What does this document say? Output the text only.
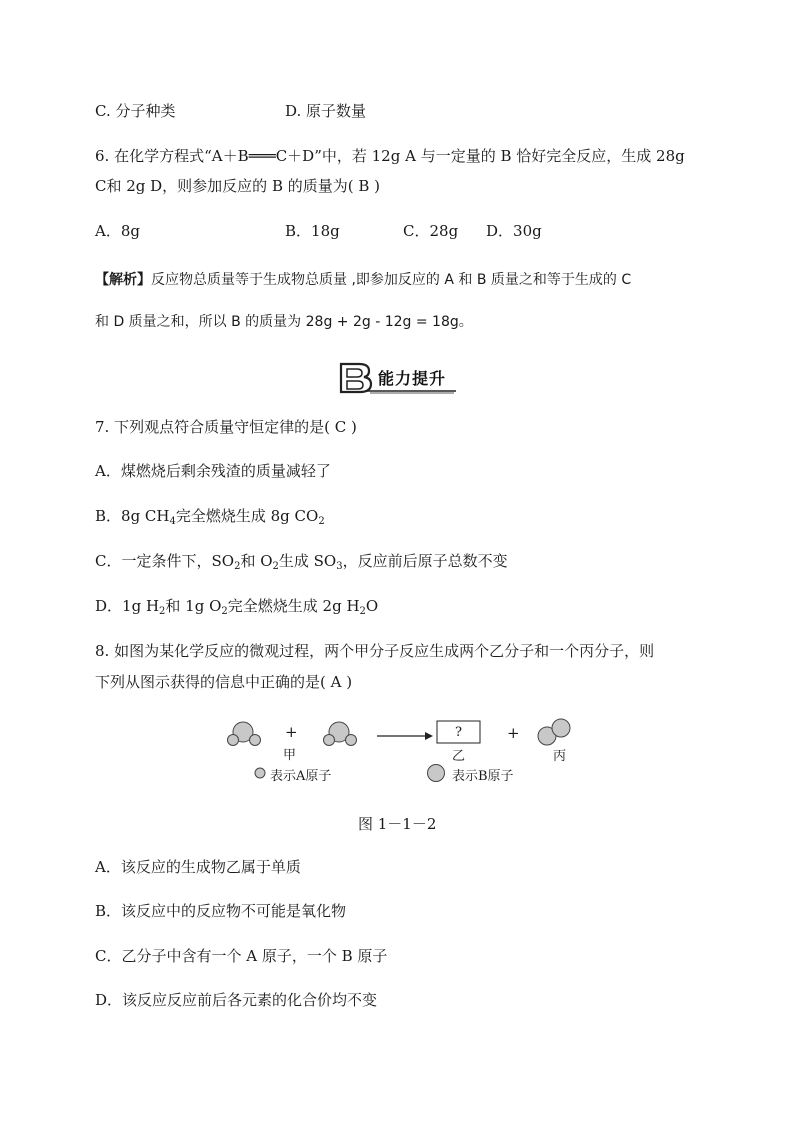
C. 分子种类	D. 原子数量
6. 在化学方程式“A＋B═══C＋D”中，若 12g A 与一定量的 B 恰好完全反应，生成 28g
C和 2g D，则参加反应的 B 的质量为( B )
A．8g	B．18g	C．28g D．30g
【解析】反应物总质量等于生成物总质量 ,即参加反应的 A 和 B 质量之和等于生成的 C
和 D 质量之和，所以 B 的质量为 28g + 2g - 12g = 18g。
能力提升
7. 下列观点符合质量守恒定律的是( C )
A．煤燃烧后剩余残渣的质量减轻了
B．8g $CH_4$完全燃烧生成 8g $CO_2$
C．一定条件下，$SO_2$和 $O_2$生成 $SO_3$，反应前后原子总数不变
D．1g $H_2$和 1g $O_2$完全燃烧生成 2g $H_2O$
8. 如图为某化学反应的微观过程，两个甲分子反应生成两个乙分子和一个丙分子，则
下列从图示获得的信息中正确的是( A )
+
甲
?
乙
+
丙
表示A原子	表示B原子
图 1－1－2
A．该反应的生成物乙属于单质
B．该反应中的反应物不可能是氧化物
C．乙分子中含有一个 A 原子，一个 B 原子
D．该反应反应前后各元素的化合价均不变
